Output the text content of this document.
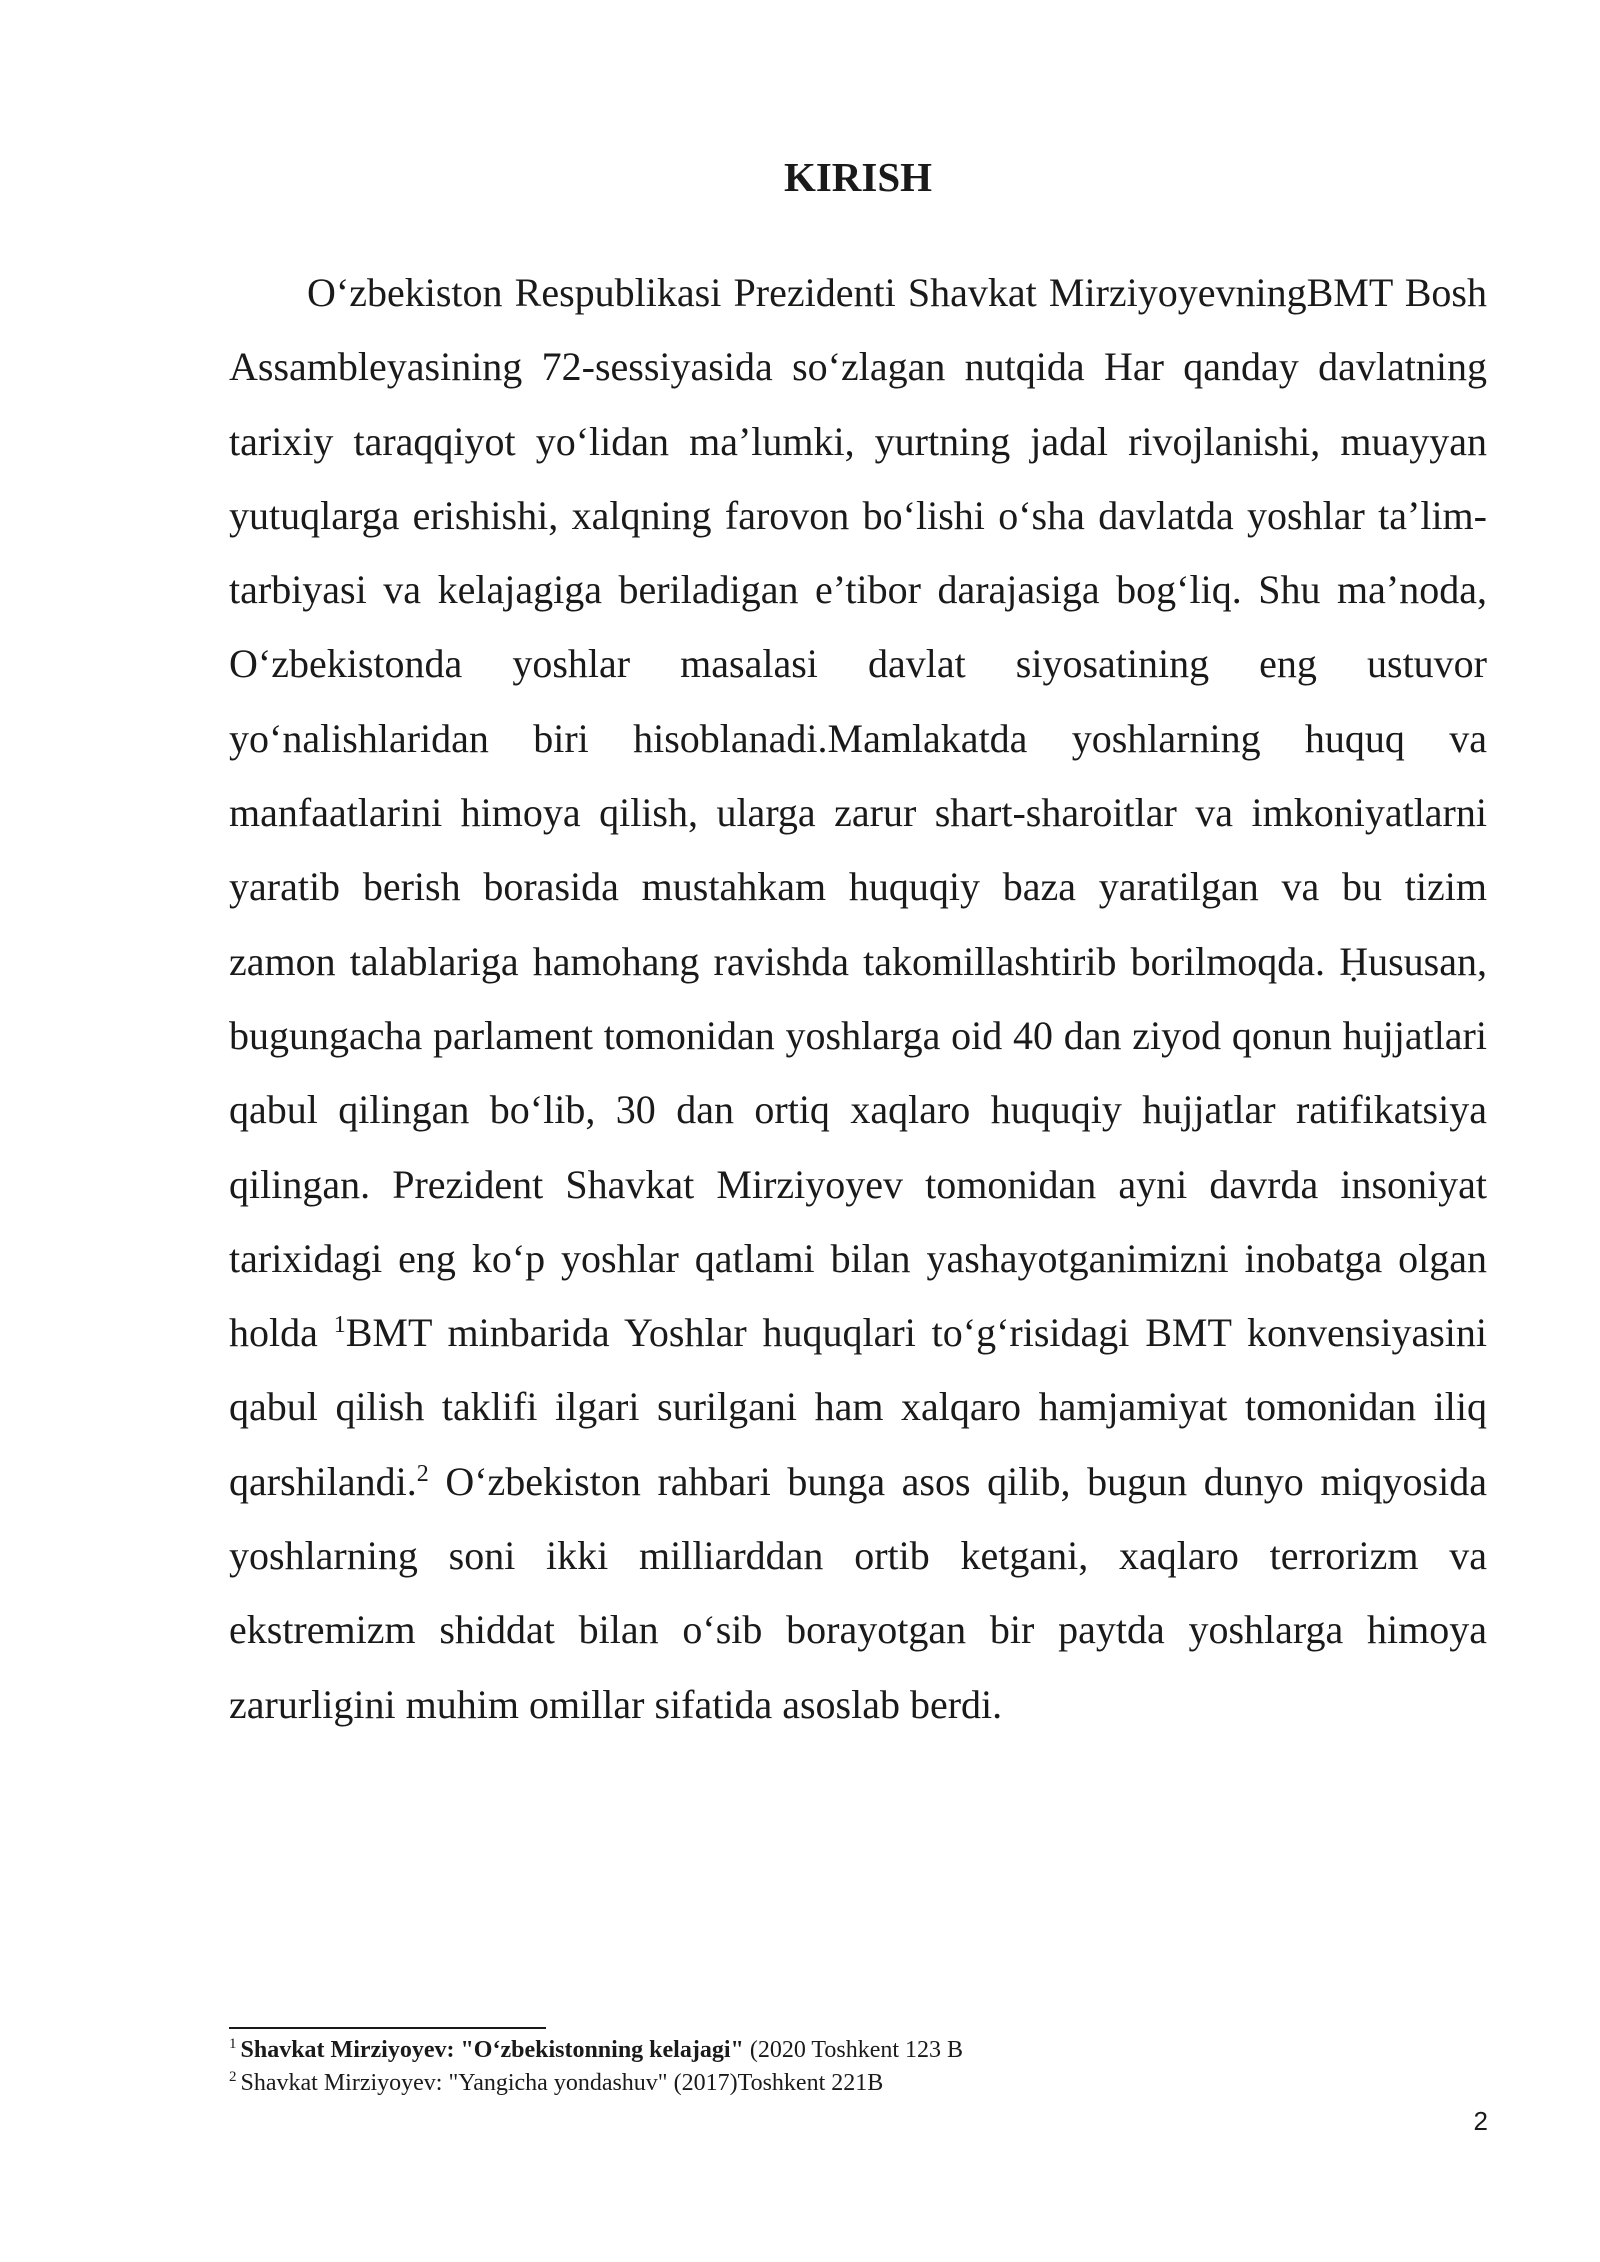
KIRISH

O‘zbekiston Respublikasi Prezidenti Shavkat MirziyoyevningBMT Bosh Assambleyasining 72-sessiyasida so‘zlagan nutqida Har qanday davlatning tarixiy taraqqiyot yo‘lidan ma’lumki, yurtning jadal rivojlanishi, muayyan yutuqlarga erishishi, xalqning farovon bo‘lishi o‘sha davlatda yoshlar ta’lim-tarbiyasi va kelajagiga beriladigan e’tibor darajasiga bog‘liq. Shu ma’noda, O‘zbekistonda yoshlar masalasi davlat siyosatining eng ustuvor yo‘nalishlaridan biri hisoblanadi.Mamlakatda yoshlarning huquq va manfaatlarini himoya qilish, ularga zarur shart-sharoitlar va imkoniyatlarni yaratib berish borasida mustahkam huquqiy baza yaratilgan va bu tizim zamon talablariga hamohang ravishda takomillashtirib borilmoqda. Ḥususan, bugungacha parlament tomonidan yoshlarga oid 40 dan ziyod qonun hujjatlari qabul qilingan bo‘lib, 30 dan ortiq xaqlaro huquqiy hujjatlar ratifikatsiya qilingan. Prezident Shavkat Mirziyoyev tomonidan ayni davrda insoniyat tarixidagi eng ko‘p yoshlar qatlami bilan yashayotganimizni inobatga olgan holda $^1$BMT minbarida Yoshlar huquqlari to‘g‘risidagi BMT konvensiyasini qabul qilish taklifi ilgari surilgani ham xalqaro hamjamiyat tomonidan iliq qarshilandi.$^2$ O‘zbekiston rahbari bunga asos qilib, bugun dunyo miqyosida yoshlarning soni ikki milliarddan ortib ketgani, xaqlaro terrorizm va ekstremizm shiddat bilan o‘sib borayotgan bir paytda yoshlarga himoya zarurligini muhim omillar sifatida asoslab berdi.

$^1$ Shavkat Mirziyoyev: "O‘zbekistonning kelajagi" (2020 Toshkent 123 B

$^2$ Shavkat Mirziyoyev: "Yangicha yondashuv" (2017)Toshkent 221B

2
